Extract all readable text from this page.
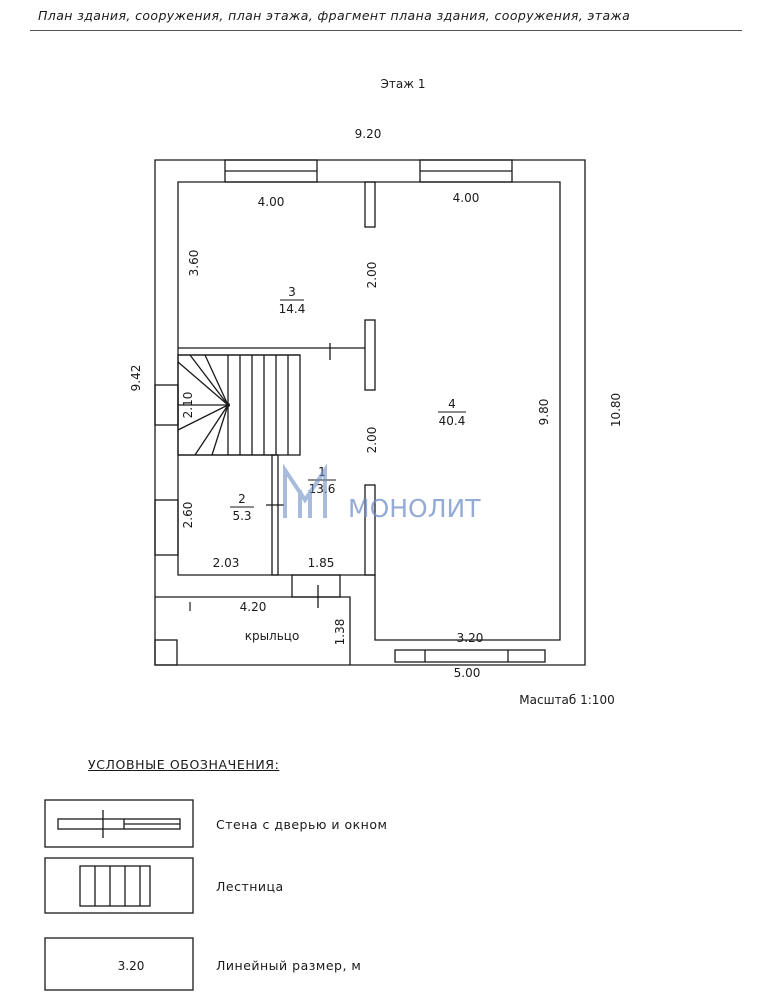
План здания, сооружения, план этажа, фрагмент плана здания, сооружения, этажа
Этаж 1
9.20
4.00	4.00
3.60	2.00
2.00
9.42
9.80	10.80
2.10
2.60
3
14.4
4
40.4
1
13.6
2
5.3
2.03	1.85
I	4.20
крыльцо	1.38	3.20
5.00
Масштаб 1:100
МОНОЛИТ
3.20
УСЛОВНЫЕ ОБОЗНАЧЕНИЯ:
Стена с дверью и окном
Лестница
Линейный размер, м
